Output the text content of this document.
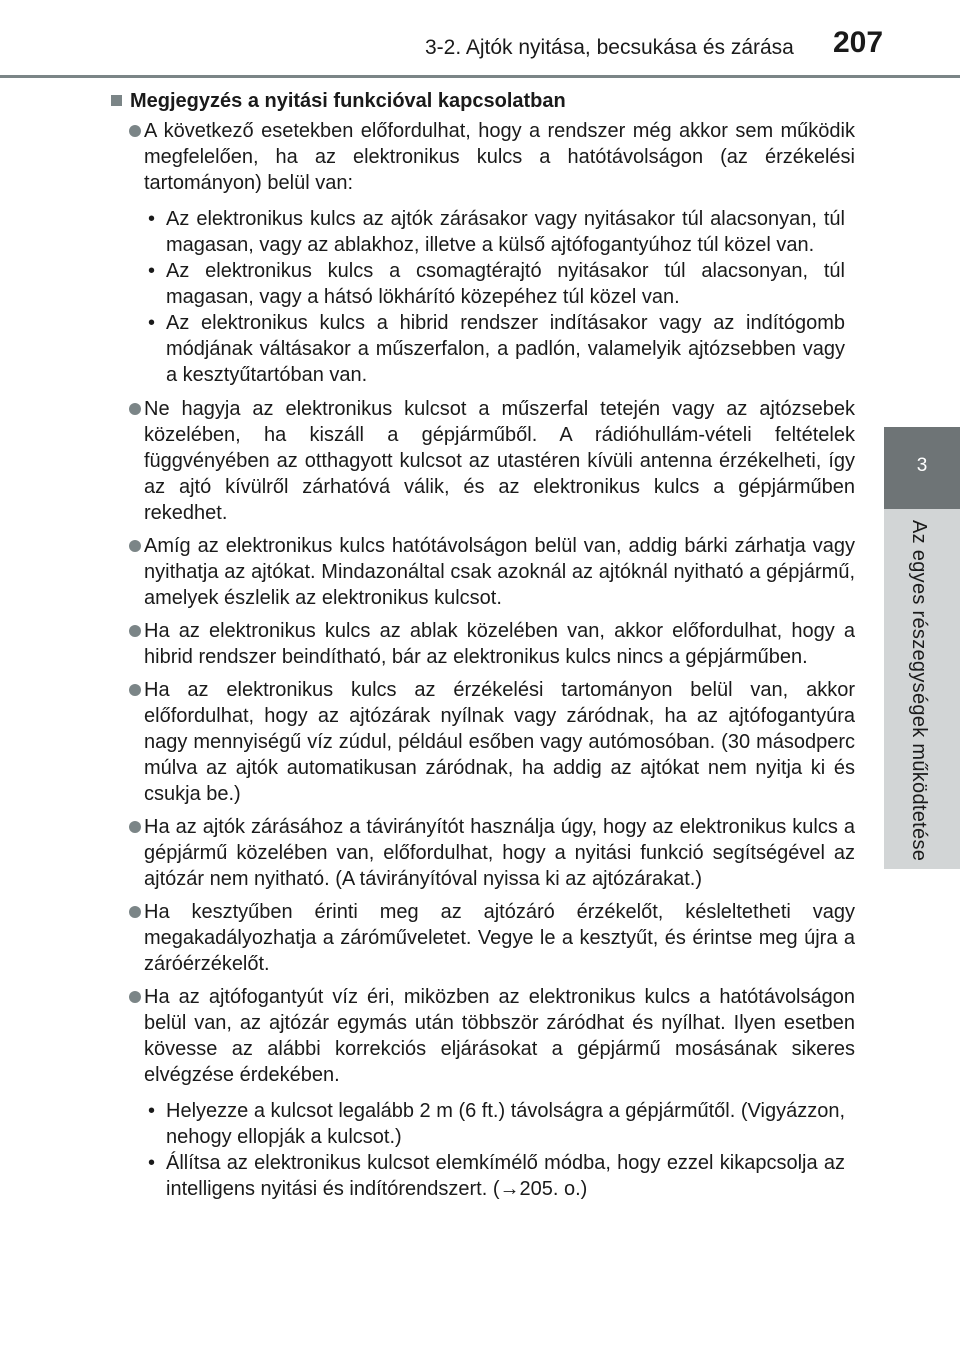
3-2. Ajtók nyitása, becsukása és zárása 207
3
Az egyes részegységek működtetése
Megjegyzés a nyitási funkcióval kapcsolatban
A következő esetekben előfordulhat, hogy a rendszer még akkor sem működik megfelelően, ha az elektronikus kulcs a hatótávolságon (az érzékelési tartományon) belül van:
• Az elektronikus kulcs az ajtók zárásakor vagy nyitásakor túl alacsonyan, túl magasan, vagy az ablakhoz, illetve a külső ajtófogantyúhoz túl közel van.
• Az elektronikus kulcs a csomagtérajtó nyitásakor túl alacsonyan, túl magasan, vagy a hátsó lökhárító közepéhez túl közel van.
• Az elektronikus kulcs a hibrid rendszer indításakor vagy az indítógomb módjának váltásakor a műszerfalon, a padlón, valamelyik ajtózsebben vagy a kesztyűtartóban van.
Ne hagyja az elektronikus kulcsot a műszerfal tetején vagy az ajtózsebek közelében, ha kiszáll a gépjárműből. A rádióhullám-vételi feltételek függvényében az otthagyott kulcsot az utastéren kívüli antenna érzékelheti, így az ajtó kívülről zárhatóvá válik, és az elektronikus kulcs a gépjárműben rekedhet.
Amíg az elektronikus kulcs hatótávolságon belül van, addig bárki zárhatja vagy nyithatja az ajtókat. Mindazonáltal csak azoknál az ajtóknál nyitható a gépjármű, amelyek észlelik az elektronikus kulcsot.
Ha az elektronikus kulcs az ablak közelében van, akkor előfordulhat, hogy a hibrid rendszer beindítható, bár az elektronikus kulcs nincs a gépjárműben.
Ha az elektronikus kulcs az érzékelési tartományon belül van, akkor előfordulhat, hogy az ajtózárak nyílnak vagy záródnak, ha az ajtófogantyúra nagy mennyiségű víz zúdul, például esőben vagy autómosóban. (30 másodperc múlva az ajtók automatikusan záródnak, ha addig az ajtókat nem nyitja ki és csukja be.)
Ha az ajtók zárásához a távirányítót használja úgy, hogy az elektronikus kulcs a gépjármű közelében van, előfordulhat, hogy a nyitási funkció segítségével az ajtózár nem nyitható. (A távirányítóval nyissa ki az ajtózárakat.)
Ha kesztyűben érinti meg az ajtózáró érzékelőt, késleltetheti vagy megakadályozhatja a záróműveletet. Vegye le a kesztyűt, és érintse meg újra a záróérzékelőt.
Ha az ajtófogantyút víz éri, miközben az elektronikus kulcs a hatótávolságon belül van, az ajtózár egymás után többször záródhat és nyílhat. Ilyen esetben kövesse az alábbi korrekciós eljárásokat a gépjármű mosásának sikeres elvégzése érdekében.
• Helyezze a kulcsot legalább 2 m (6 ft.) távolságra a gépjárműtől. (Vigyázzon, nehogy ellopják a kulcsot.)
• Állítsa az elektronikus kulcsot elemkímélő módba, hogy ezzel kikapcsolja az intelligens nyitási és indítórendszert. (→205. o.)
